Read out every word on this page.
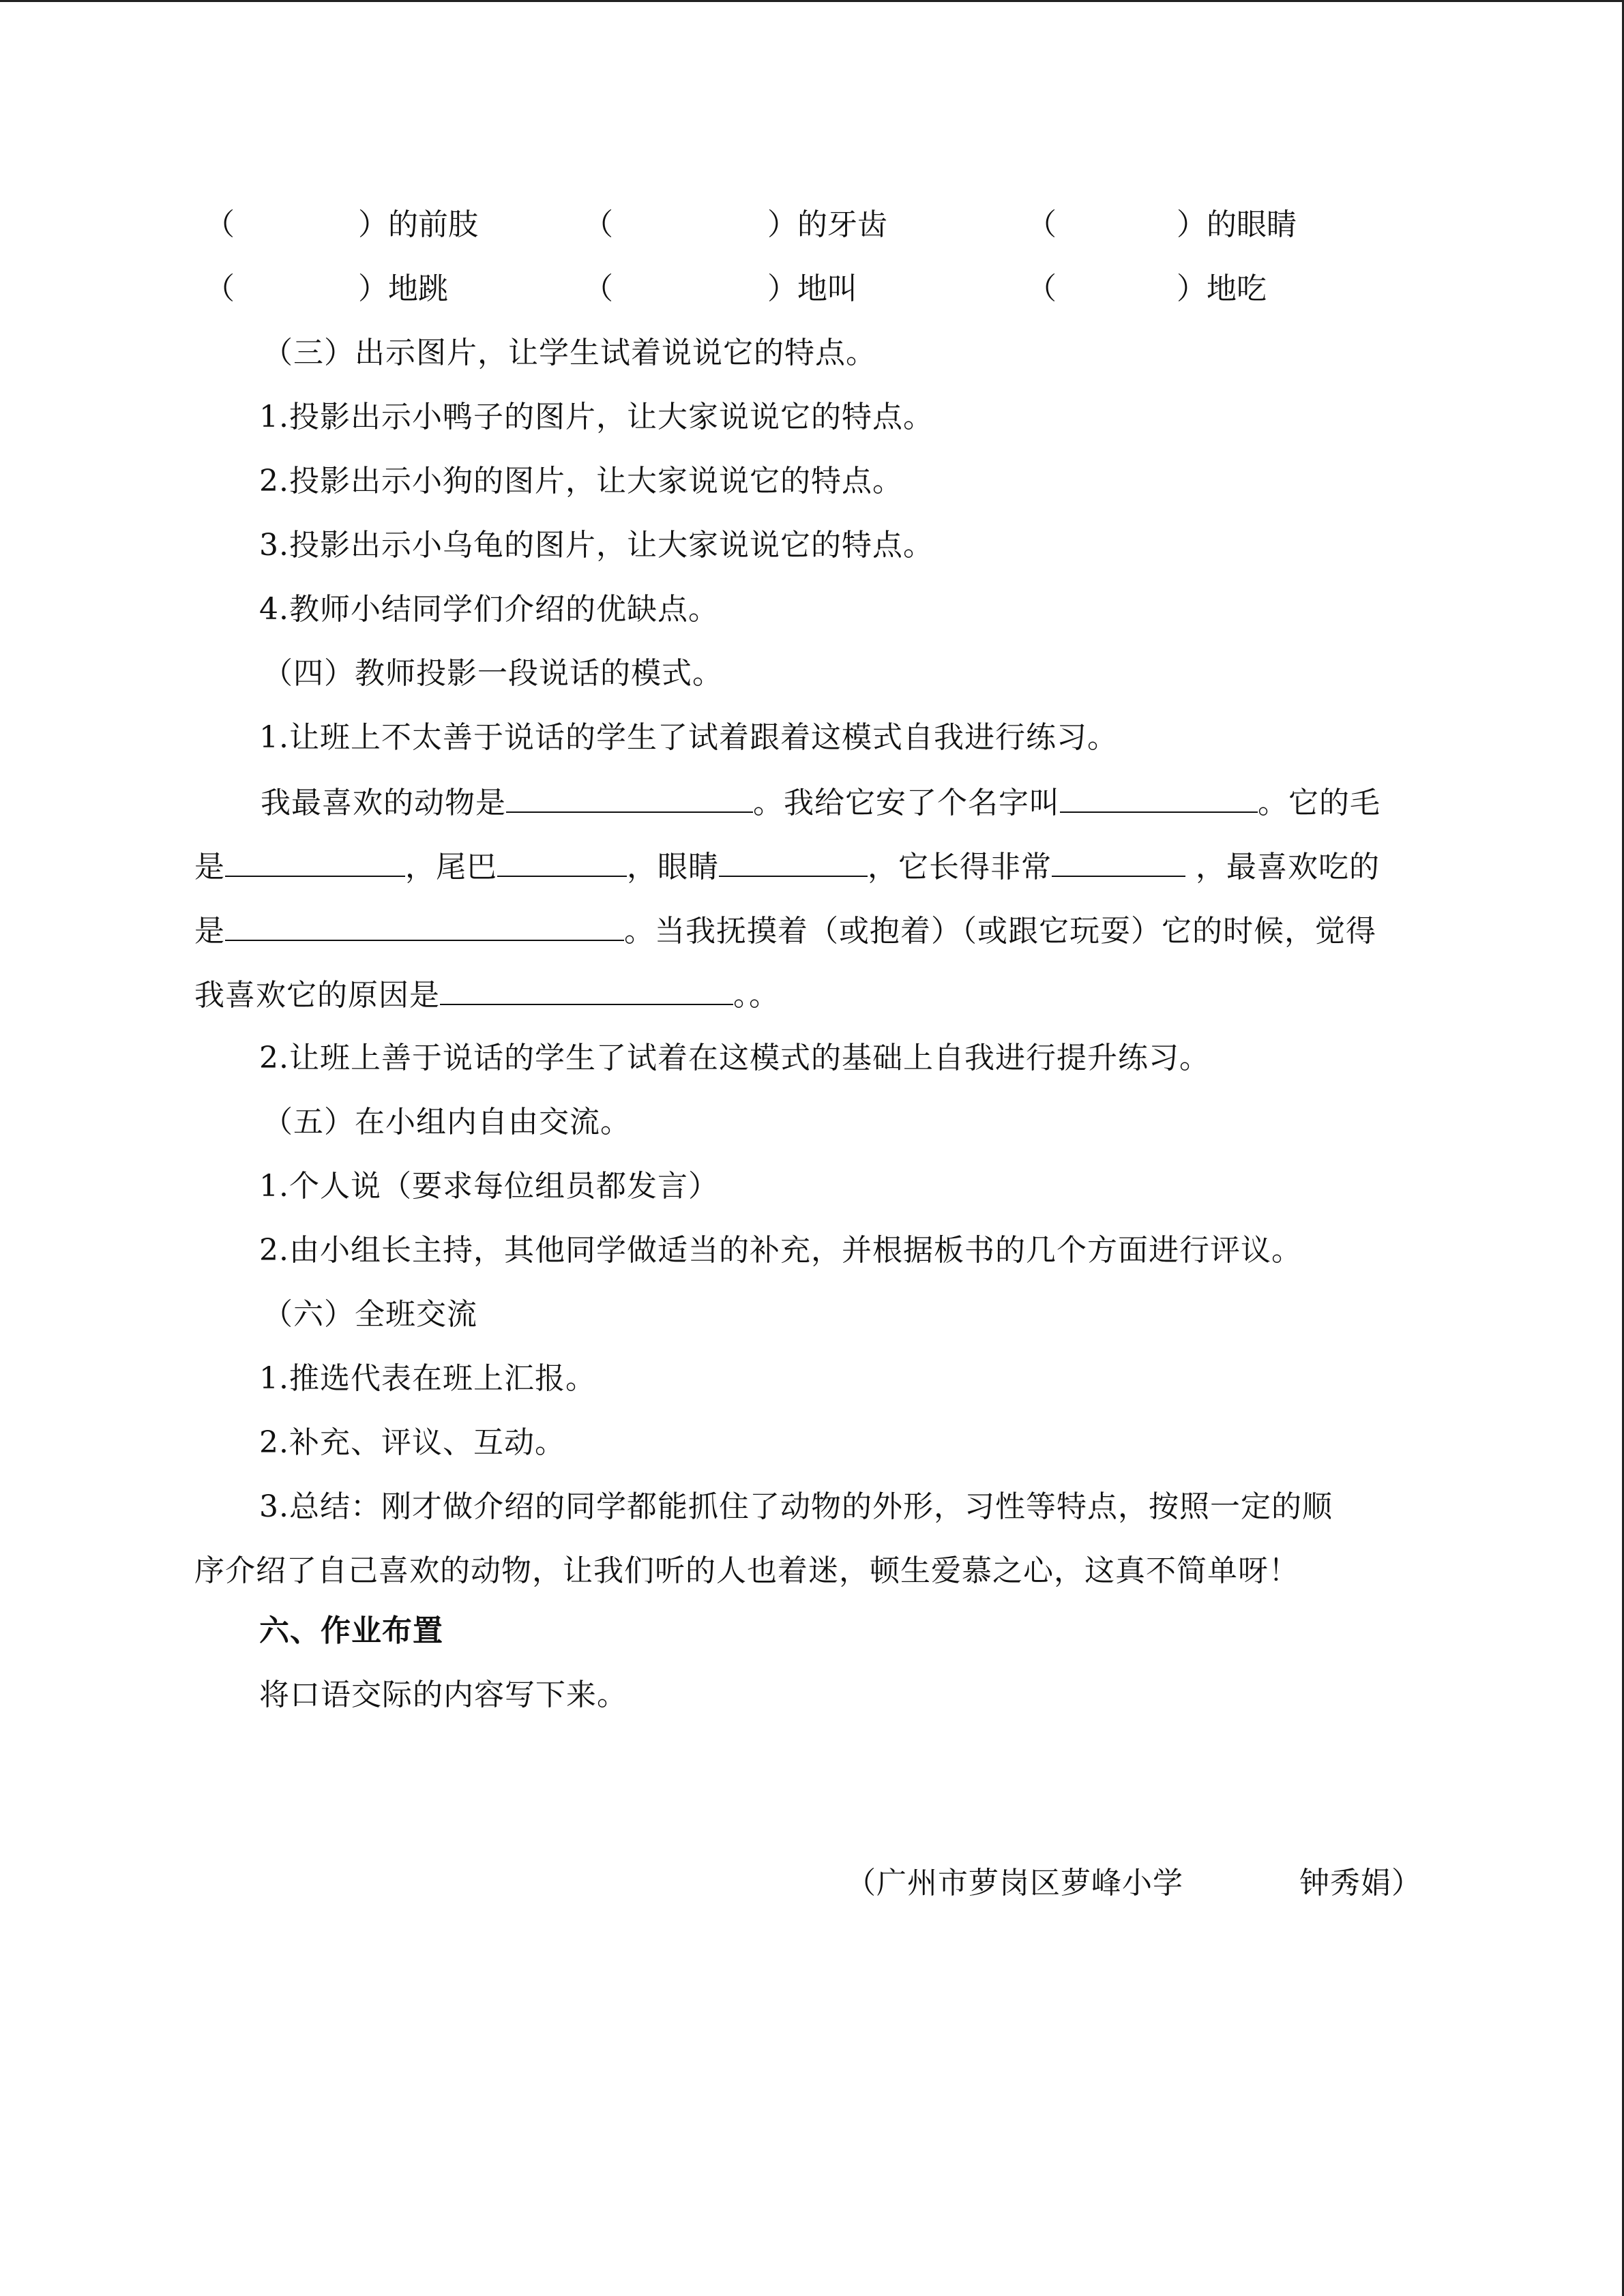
（	）的前肢	（	）的牙齿	（	）的眼睛
（	）地跳	（	）地叫	（	）地吃
（三）出示图片，让学生试着说说它的特点。
1.投影出示小鸭子的图片，让大家说说它的特点。
2.投影出示小狗的图片，让大家说说它的特点。
3.投影出示小乌龟的图片，让大家说说它的特点。
4.教师小结同学们介绍的优缺点。
（四）教师投影一段说话的模式。
1.让班上不太善于说话的学生了试着跟着这模式自我进行练习。
我最喜欢的动物是	。我给它安了个名字叫	。它的毛
是	，尾巴	，眼睛	，它长得非常	，最喜欢吃的
是	。当我抚摸着（或抱着）（或跟它玩耍）它的时候，觉得
我喜欢它的原因是	。。
2.让班上善于说话的学生了试着在这模式的基础上自我进行提升练习。
（五）在小组内自由交流。
1.个人说（要求每位组员都发言）
2.由小组长主持，其他同学做适当的补充，并根据板书的几个方面进行评议。
（六）全班交流
1.推选代表在班上汇报。
2.补充、评议、互动。
3.总结：刚才做介绍的同学都能抓住了动物的外形，习性等特点，按照一定的顺
序介绍了自己喜欢的动物，让我们听的人也着迷，顿生爱慕之心，这真不简单呀！
六、作业布置
将口语交际的内容写下来。
（广州市萝岗区萝峰小学	钟秀娟）
